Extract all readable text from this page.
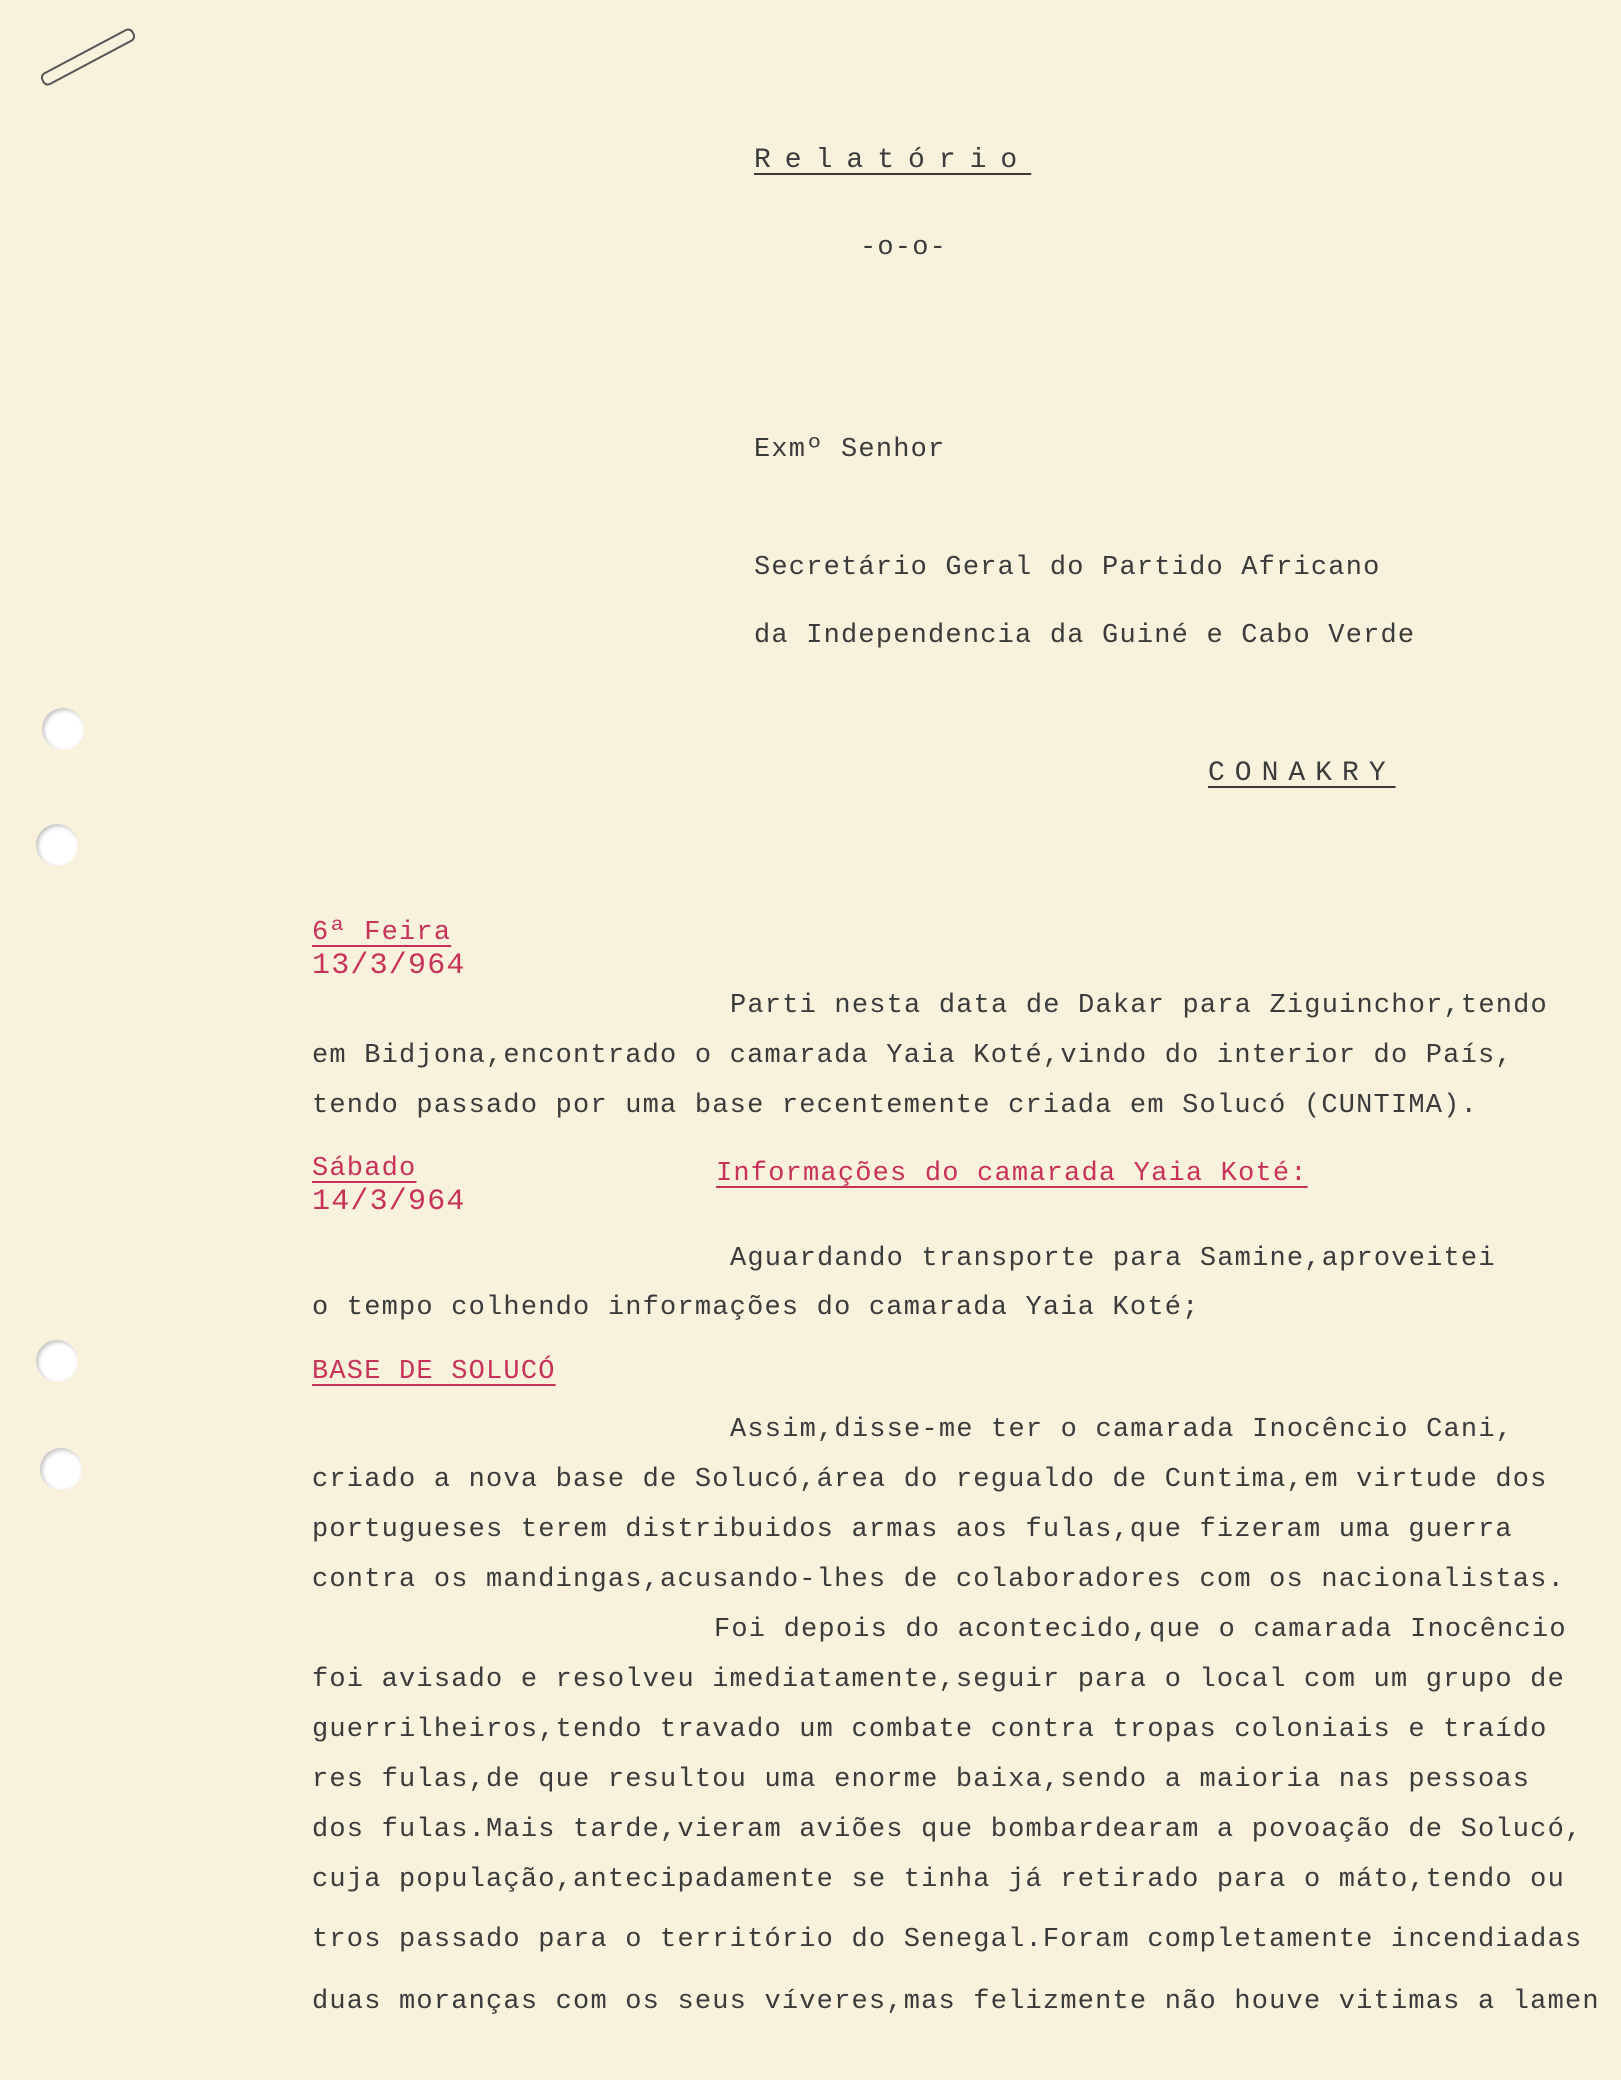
Relatório
-o-o-
Exmº Senhor
Secretário Geral do Partido Africano
da Independencia da Guiné e Cabo Verde
CONAKRY
6ª Feira
13/3/964
Parti nesta data de Dakar para Ziguinchor,tendo
em Bidjona,encontrado o camarada Yaia Koté,vindo do interior do País,
tendo passado por uma base recentemente criada em Solucó (CUNTIMA).
Sábado
14/3/964
Informações do camarada Yaia Koté:
Aguardando transporte para Samine,aproveitei
o tempo colhendo informações do camarada Yaia Koté;
BASE DE SOLUCÓ
Assim,disse-me ter o camarada Inocêncio Cani,
criado a nova base de Solucó,área do regualdo de Cuntima,em virtude dos
portugueses terem distribuidos armas aos fulas,que fizeram uma guerra
contra os mandingas,acusando-lhes de colaboradores com os nacionalistas.
Foi depois do acontecido,que o camarada Inocêncio
foi avisado e resolveu imediatamente,seguir para o local com um grupo de
guerrilheiros,tendo travado um combate contra tropas coloniais e traído
res fulas,de que resultou uma enorme baixa,sendo a maioria nas pessoas
dos fulas.Mais tarde,vieram aviões que bombardearam a povoação de Solucó,
cuja população,antecipadamente se tinha já retirado para o máto,tendo ou
tros passado para o território do Senegal.Foram completamente incendiadas
duas moranças com os seus víveres,mas felizmente não houve vitimas a lamen
